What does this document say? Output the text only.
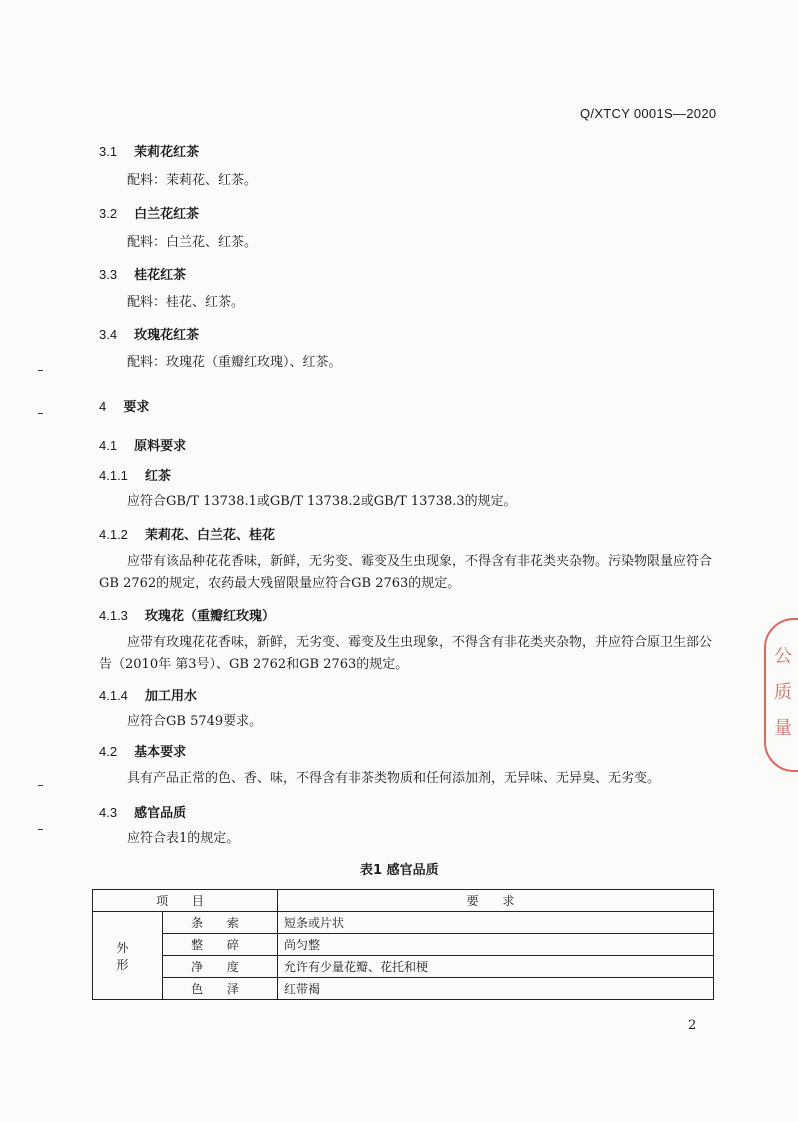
Q/XTCY 0001S—2020
3.1 茉莉花红茶
配料：茉莉花、红茶。
3.2 白兰花红茶
配料：白兰花、红茶。
3.3 桂花红茶
配料：桂花、红茶。
3.4 玫瑰花红茶
配料：玫瑰花（重瓣红玫瑰）、红茶。
4 要求
4.1 原料要求
4.1.1 红茶
应符合GB/T 13738.1或GB/T 13738.2或GB/T 13738.3的规定。
4.1.2 茉莉花、白兰花、桂花
应带有该品种花花香味，新鲜，无劣变、霉变及生虫现象，不得含有非花类夹杂物。污染物限量应符合GB 2762的规定，农药最大残留限量应符合GB 2763的规定。
4.1.3 玫瑰花（重瓣红玫瑰）
应带有玫瑰花花香味，新鲜，无劣变、霉变及生虫现象，不得含有非花类夹杂物，并应符合原卫生部公告（2010年 第3号）、GB 2762和GB 2763的规定。
4.1.4 加工用水
应符合GB 5749要求。
4.2 基本要求
具有产品正常的色、香、味，不得含有非茶类物质和任何添加剂，无异味、无异臭、无劣变。
4.3 感官品质
应符合表1的规定。
表1 感官品质
项 目		要 求
外 形	条 索	短条或片状
	整 碎	尚匀整
	净 度	允许有少量花瓣、花托和梗
	色 泽	红带褐
2
公
质
量
